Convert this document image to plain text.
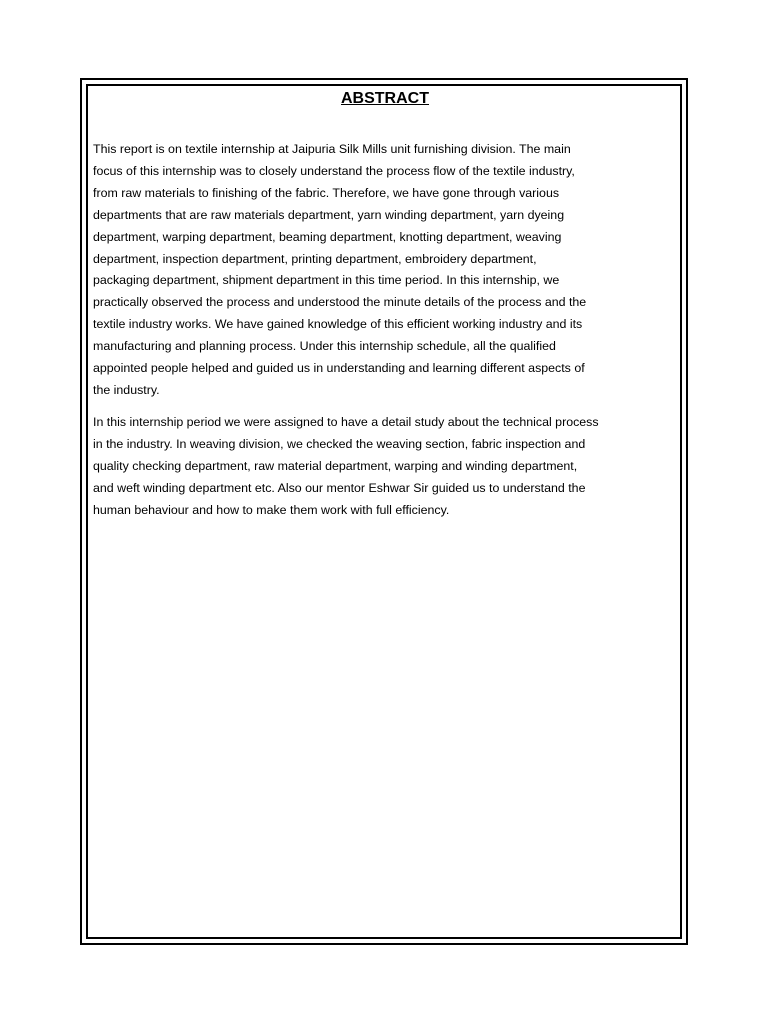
ABSTRACT

This report is on textile internship at Jaipuria Silk Mills unit furnishing division. The main
focus of this internship was to closely understand the process flow of the textile industry,
from raw materials to finishing of the fabric. Therefore, we have gone through various
departments that are raw materials department, yarn winding department, yarn dyeing
department, warping department, beaming department, knotting department, weaving
department, inspection department, printing department, embroidery department,
packaging department, shipment department in this time period. In this internship, we
practically observed the process and understood the minute details of the process and the
textile industry works. We have gained knowledge of this efficient working industry and its
manufacturing and planning process. Under this internship schedule, all the qualified
appointed people helped and guided us in understanding and learning different aspects of
the industry.

In this internship period we were assigned to have a detail study about the technical process
in the industry. In weaving division, we checked the weaving section, fabric inspection and
quality checking department, raw material department, warping and winding department,
and weft winding department etc. Also our mentor Eshwar Sir guided us to understand the
human behaviour and how to make them work with full efficiency.
